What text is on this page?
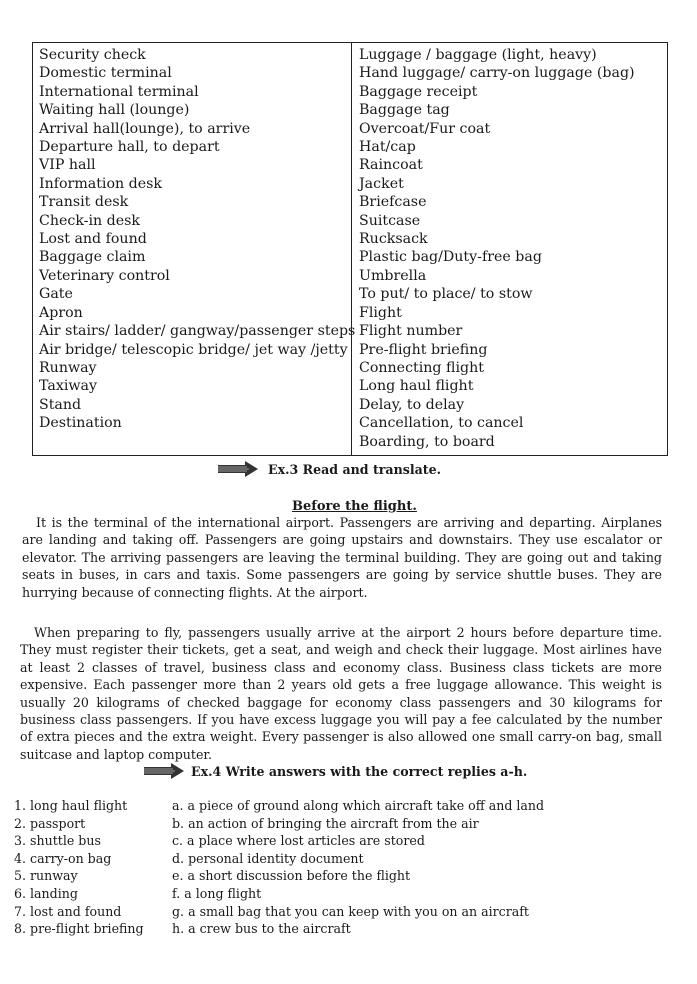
Security check
Domestic terminal
International terminal
Waiting hall (lounge)
Arrival hall(lounge), to arrive
Departure hall, to depart
VIP hall
Information desk
Transit desk
Check-in desk
Lost and found
Baggage claim
Veterinary control
Gate
Apron
Air stairs/ ladder/ gangway/passenger steps
Air bridge/ telescopic bridge/ jet way /jetty
Runway
Taxiway
Stand
Destination
Luggage / baggage (light, heavy)
Hand luggage/ carry-on luggage (bag)
Baggage receipt
Baggage tag
Overcoat/Fur coat
Hat/cap
Raincoat
Jacket
Briefcase
Suitcase
Rucksack
Plastic bag/Duty-free bag
Umbrella
To put/ to place/ to stow
Flight
Flight number
Pre-flight briefing
Connecting flight
Long haul flight
Delay, to delay
Cancellation, to cancel
Boarding, to board
Ex.3 Read and translate.
Before the flight.

It is the terminal of the international airport. Passengers are arriving and departing. Airplanes are landing and taking off. Passengers are going upstairs and downstairs. They use escalator or elevator. The arriving passengers are leaving the terminal building. They are going out and taking seats in buses, in cars and taxis. Some passengers are going by service shuttle buses. They are hurrying because of connecting flights. At the airport.

When preparing to fly, passengers usually arrive at the airport 2 hours before departure time. They must register their tickets, get a seat, and weigh and check their luggage. Most airlines have at least 2 classes of travel, business class and economy class. Business class tickets are more expensive. Each passenger more than 2 years old gets a free luggage allowance. This weight is usually 20 kilograms of checked baggage for economy class passengers and 30 kilograms for business class passengers. If you have excess luggage you will pay a fee calculated by the number of extra pieces and the extra weight. Every passenger is also allowed one small carry-on bag, small suitcase and laptop computer.

Ex.4 Write answers with the correct replies a-h.
1. long haul flight
2. passport
3. shuttle bus
4. carry-on bag
5. runway
6. landing
7. lost and found
8. pre-flight briefing
a. a piece of ground along which aircraft take off and land
b. an action of bringing the aircraft from the air
c. a place where lost articles are stored
d. personal identity document
e. a short discussion before the flight
f. a long flight
g. a small bag that you can keep with you on an aircraft
h. a crew bus to the aircraft
